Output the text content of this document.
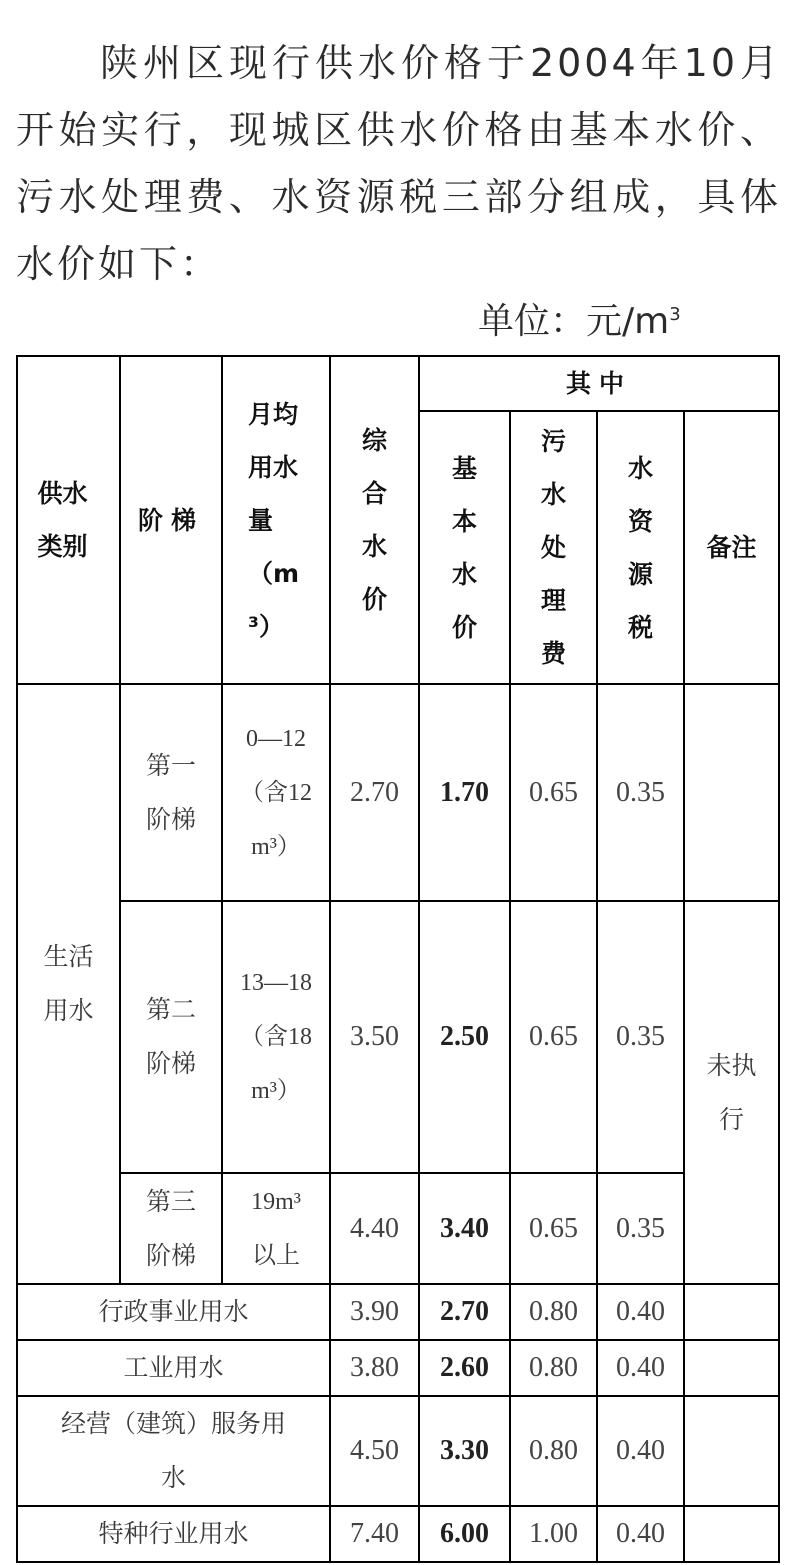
陕州区现行供水价格于2004年10月开始实行，现城区供水价格由基本水价、污水处理费、水资源税三部分组成，具体水价如下：
单位：元$/m^3$
供水类别	阶梯	月均用水量（m³）	综合水价	其中			
				基本水价	污水处理费	水资源税	备注
生活用水	第一阶梯	0—12（含12m³）	2.70	1.70	0.65	0.35	
	第二阶梯	13—18（含18m³）	3.50	2.50	0.65	0.35	未执行
	第三阶梯	19m³以上	4.40	3.40	0.65	0.35	
行政事业用水			3.90	2.70	0.80	0.40	
工业用水			3.80	2.60	0.80	0.40	
经营（建筑）服务用水			4.50	3.30	0.80	0.40	
特种行业用水			7.40	6.00	1.00	0.40	
